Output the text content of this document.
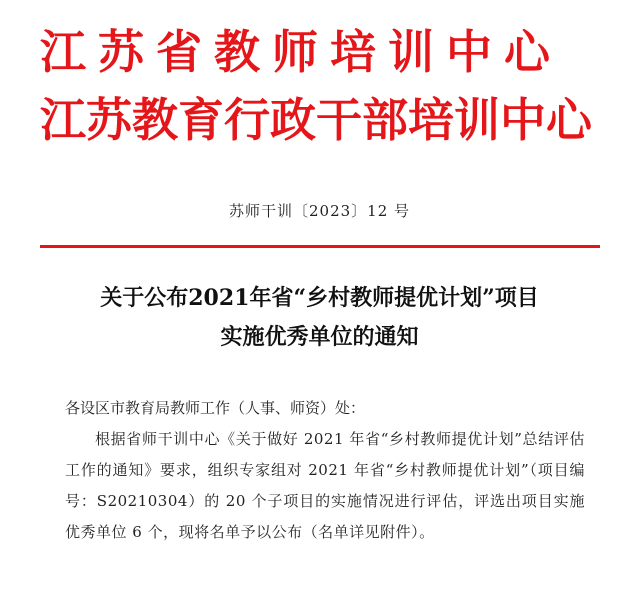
江苏省教师培训中心
江苏教育行政干部培训中心
苏师干训〔2023〕12 号
关于公布2021年省“乡村教师提优计划”项目
实施优秀单位的通知

各设区市教育局教师工作（人事、师资）处：

根据省师干训中心《关于做好 2021 年省“乡村教师提优计划”总结评估工作的通知》要求，组织专家组对 2021 年省“乡村教师提优计划”（项目编号：S20210304）的 20 个子项目的实施情况进行评估，评选出项目实施优秀单位 6 个，现将名单予以公布（名单详见附件）。
